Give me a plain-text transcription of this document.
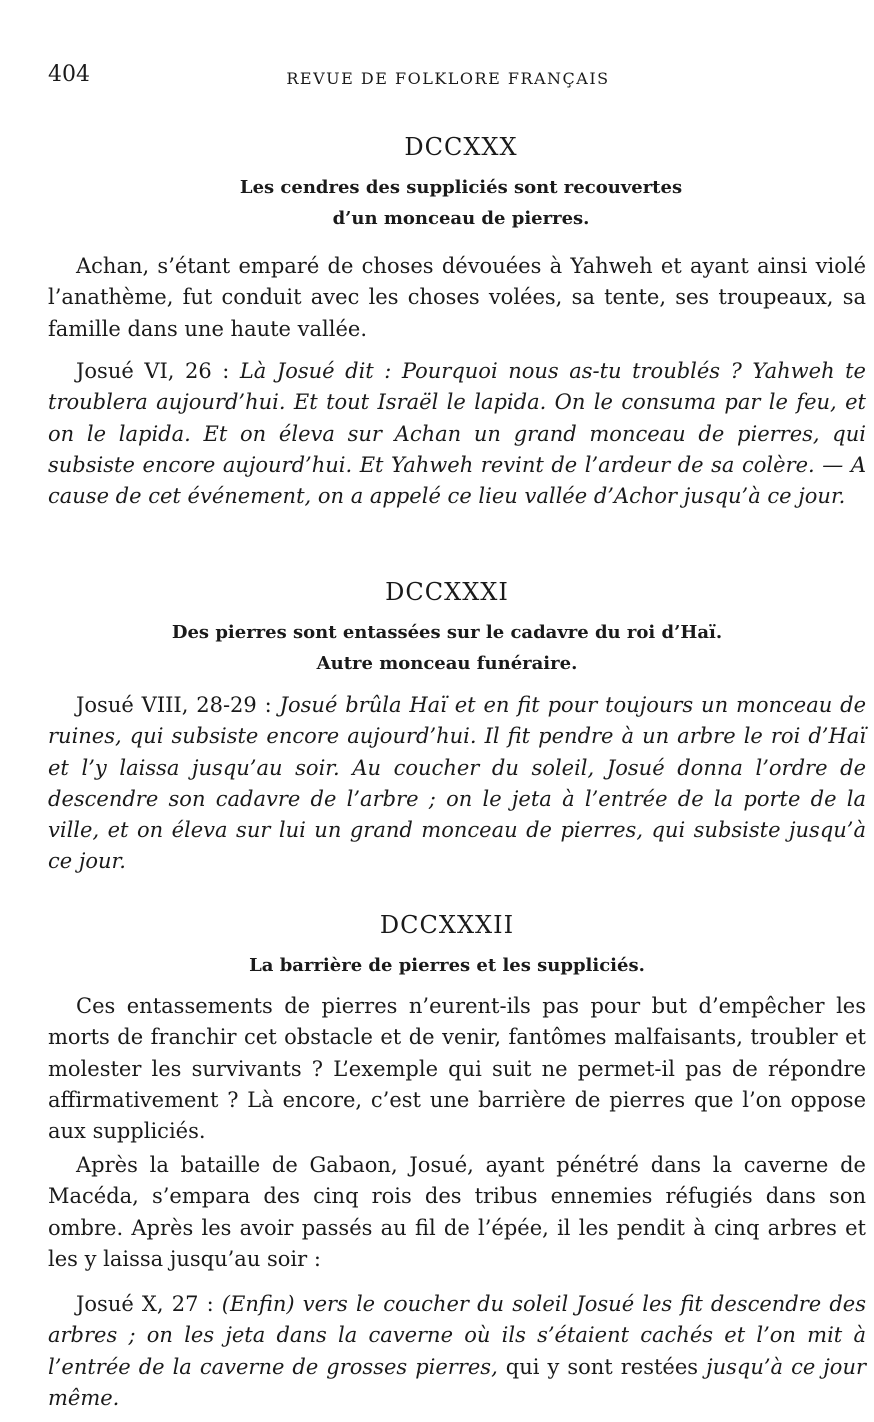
404	REVUE DE FOLKLORE FRANÇAIS
DCCXXX
Les cendres des suppliciés sont recouvertes
d’un monceau de pierres.

Achan, s’étant emparé de choses dévouées à Yahweh et ayant ainsi violé l’anathème, fut conduit avec les choses volées, sa tente, ses troupeaux, sa famille dans une haute vallée.

Josué VI, 26 : Là Josué dit : Pourquoi nous as-tu troublés ? Yahweh te troublera aujourd’hui. Et tout Israël le lapida. On le consuma par le feu, et on le lapida. Et on éleva sur Achan un grand monceau de pierres, qui subsiste encore aujourd’hui. Et Yahweh revint de l’ardeur de sa colère. — A cause de cet événement, on a appelé ce lieu vallée d’Achor jusqu’à ce jour.

DCCXXXI
Des pierres sont entassées sur le cadavre du roi d’Haï.
Autre monceau funéraire.

Josué VIII, 28-29 : Josué brûla Haï et en fit pour toujours un monceau de ruines, qui subsiste encore aujourd’hui. Il fit pendre à un arbre le roi d’Haï et l’y laissa jusqu’au soir. Au coucher du soleil, Josué donna l’ordre de descendre son cadavre de l’arbre ; on le jeta à l’entrée de la porte de la ville, et on éleva sur lui un grand monceau de pierres, qui subsiste jusqu’à ce jour.

DCCXXXII
La barrière de pierres et les suppliciés.

Ces entassements de pierres n’eurent-ils pas pour but d’empêcher les morts de franchir cet obstacle et de venir, fantômes malfaisants, troubler et molester les survivants ? L’exemple qui suit ne permet-il pas de répondre affirmativement ? Là encore, c’est une barrière de pierres que l’on oppose aux suppliciés.

Après la bataille de Gabaon, Josué, ayant pénétré dans la caverne de Macéda, s’empara des cinq rois des tribus ennemies réfugiés dans son ombre. Après les avoir passés au fil de l’épée, il les pendit à cinq arbres et les y laissa jusqu’au soir :

Josué X, 27 : (Enfin) vers le coucher du soleil Josué les fit descendre des arbres ; on les jeta dans la caverne où ils s’étaient cachés et l’on mit à l’entrée de la caverne de grosses pierres, qui y sont restées jusqu’à ce jour même.
